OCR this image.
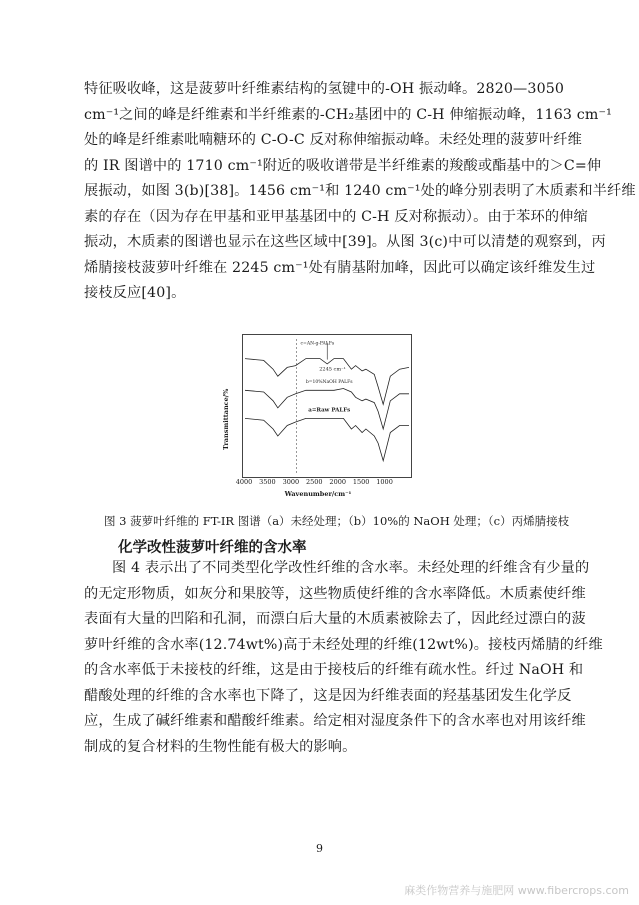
特征吸收峰，这是菠萝叶纤维素结构的氢键中的-OH 振动峰。2820—3050
cm⁻¹之间的峰是纤维素和半纤维素的-CH₂基团中的 C-H 伸缩振动峰，1163 cm⁻¹
处的峰是纤维素吡喃糖环的 C-O-C 反对称伸缩振动峰。未经处理的菠萝叶纤维
的 IR 图谱中的 1710 cm⁻¹附近的吸收谱带是半纤维素的羧酸或酯基中的＞C=伸
展振动，如图 3(b)[38]。1456 cm⁻¹和 1240 cm⁻¹处的峰分别表明了木质素和半纤维
素的存在（因为存在甲基和亚甲基基团中的 C-H 反对称振动）。由于苯环的伸缩
振动，木质素的图谱也显示在这些区域中[39]。从图 3(c)中可以清楚的观察到，丙
烯腈接枝菠萝叶纤维在 2245 cm⁻¹处有腈基附加峰，因此可以确定该纤维发生过
接枝反应[40]。
Transmittance/%
2245 cm⁻¹
c=AN-g-PALFs
b=10%NaOH PALFs
a=Raw PALFs
4000 3500 3000 2500 2000 1500 1000
Wavenumber/cm⁻¹
图 3 菠萝叶纤维的 FT-IR 图谱（a）未经处理；（b）10%的 NaOH 处理；（c）丙烯腈接枝
化学改性菠萝叶纤维的含水率
图 4 表示出了不同类型化学改性纤维的含水率。未经处理的纤维含有少量的
的无定形物质，如灰分和果胶等，这些物质使纤维的含水率降低。木质素使纤维
表面有大量的凹陷和孔洞，而漂白后大量的木质素被除去了，因此经过漂白的菠
萝叶纤维的含水率(12.74wt%)高于未经处理的纤维(12wt%)。接枝丙烯腈的纤维
的含水率低于未接枝的纤维，这是由于接枝后的纤维有疏水性。纤过 NaOH 和
醋酸处理的纤维的含水率也下降了，这是因为纤维表面的羟基基团发生化学反
应，生成了碱纤维素和醋酸纤维素。给定相对湿度条件下的含水率也对用该纤维
制成的复合材料的生物性能有极大的影响。
9
麻类作物营养与施肥网 www.fibercrops.com
